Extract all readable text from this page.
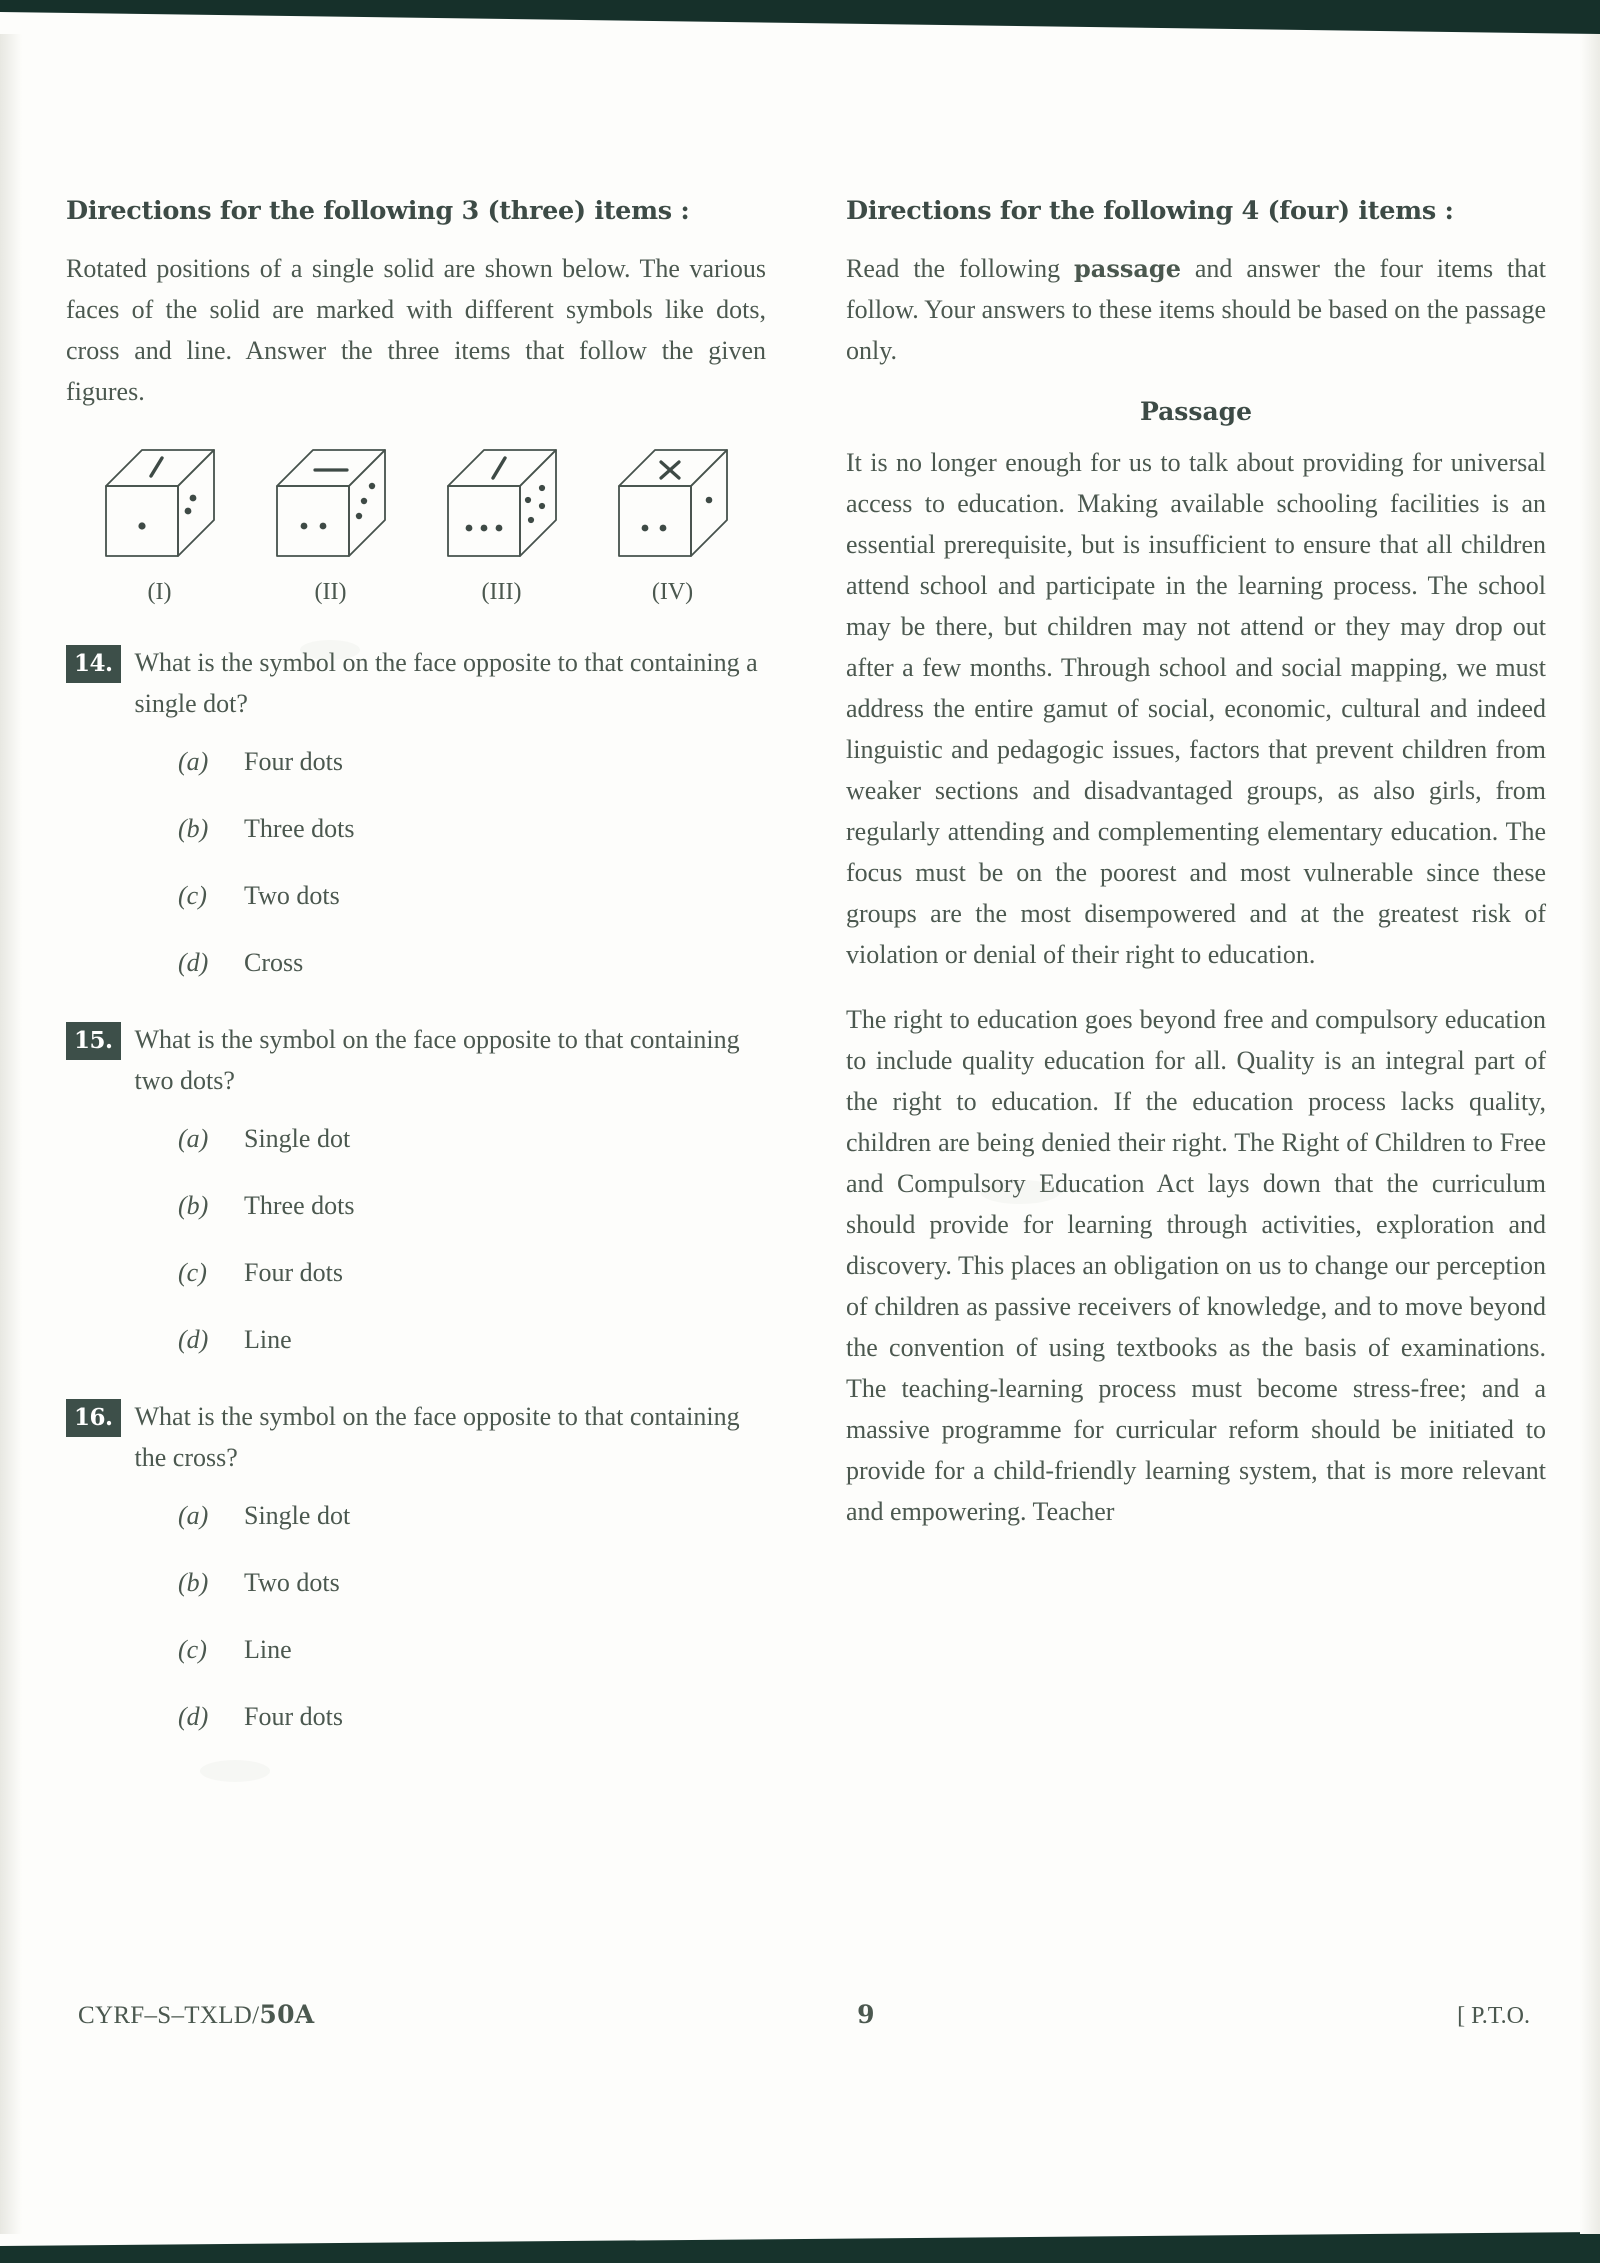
Directions for the following 3 (three) items :

Rotated positions of a single solid are shown below. The various faces of the solid are marked with different symbols like dots, cross and line. Answer the three items that follow the given figures.

(I)	(II)	(III)	(IV)
14. What is the symbol on the face opposite to that containing a single dot?
(a)	Four dots
(b)	Three dots
(c)	Two dots
(d)	Cross
15. What is the symbol on the face opposite to that containing two dots?
(a)	Single dot
(b)	Three dots
(c)	Four dots
(d)	Line
16. What is the symbol on the face opposite to that containing the cross?
(a)	Single dot
(b)	Two dots
(c)	Line
(d)	Four dots
Directions for the following 4 (four) items :

Read the following passage and answer the four items that follow. Your answers to these items should be based on the passage only.

Passage

It is no longer enough for us to talk about providing for universal access to education. Making available schooling facilities is an essential prerequisite, but is insufficient to ensure that all children attend school and participate in the learning process. The school may be there, but children may not attend or they may drop out after a few months. Through school and social mapping, we must address the entire gamut of social, economic, cultural and indeed linguistic and pedagogic issues, factors that prevent children from weaker sections and disadvantaged groups, as also girls, from regularly attending and complementing elementary education. The focus must be on the poorest and most vulnerable since these groups are the most disempowered and at the greatest risk of violation or denial of their right to education.

The right to education goes beyond free and compulsory education to include quality education for all. Quality is an integral part of the right to education. If the education process lacks quality, children are being denied their right. The Right of Children to Free and Compulsory Education Act lays down that the curriculum should provide for learning through activities, exploration and discovery. This places an obligation on us to change our perception of children as passive receivers of knowledge, and to move beyond the convention of using textbooks as the basis of examinations. The teaching-learning process must become stress-free; and a massive programme for curricular reform should be initiated to provide for a child-friendly learning system, that is more relevant and empowering. Teacher

CYRF–S–TXLD/50A	9	[ P.T.O.
